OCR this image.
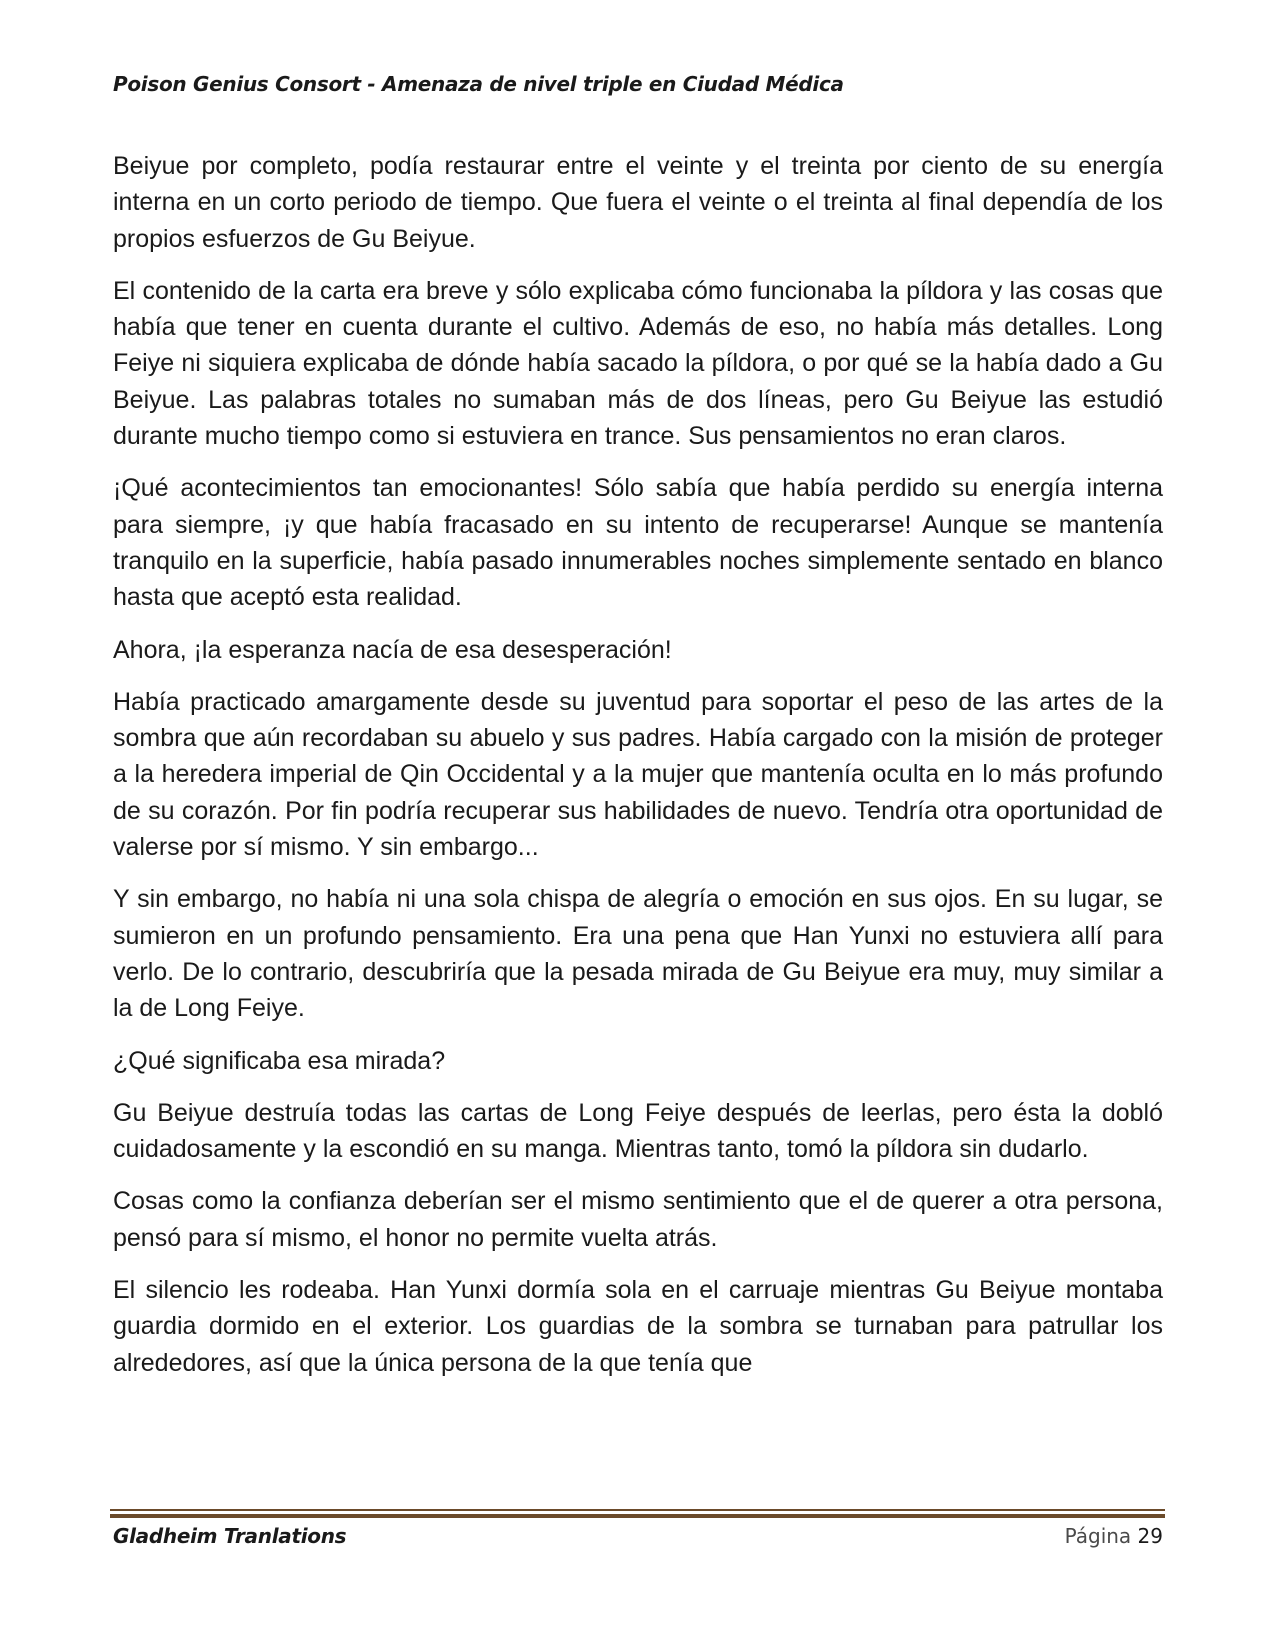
Poison Genius Consort - Amenaza de nivel triple en Ciudad Médica

Beiyue por completo, podía restaurar entre el veinte y el treinta por ciento de su energía interna en un corto periodo de tiempo. Que fuera el veinte o el treinta al final dependía de los propios esfuerzos de Gu Beiyue.

El contenido de la carta era breve y sólo explicaba cómo funcionaba la píldora y las cosas que había que tener en cuenta durante el cultivo. Además de eso, no había más detalles. Long Feiye ni siquiera explicaba de dónde había sacado la píldora, o por qué se la había dado a Gu Beiyue. Las palabras totales no sumaban más de dos líneas, pero Gu Beiyue las estudió durante mucho tiempo como si estuviera en trance. Sus pensamientos no eran claros.

¡Qué acontecimientos tan emocionantes! Sólo sabía que había perdido su energía interna para siempre, ¡y que había fracasado en su intento de recuperarse! Aunque se mantenía tranquilo en la superficie, había pasado innumerables noches simplemente sentado en blanco hasta que aceptó esta realidad.

Ahora, ¡la esperanza nacía de esa desesperación!

Había practicado amargamente desde su juventud para soportar el peso de las artes de la sombra que aún recordaban su abuelo y sus padres. Había cargado con la misión de proteger a la heredera imperial de Qin Occidental y a la mujer que mantenía oculta en lo más profundo de su corazón. Por fin podría recuperar sus habilidades de nuevo. Tendría otra oportunidad de valerse por sí mismo. Y sin embargo...

Y sin embargo, no había ni una sola chispa de alegría o emoción en sus ojos. En su lugar, se sumieron en un profundo pensamiento. Era una pena que Han Yunxi no estuviera allí para verlo. De lo contrario, descubriría que la pesada mirada de Gu Beiyue era muy, muy similar a la de Long Feiye.

¿Qué significaba esa mirada?

Gu Beiyue destruía todas las cartas de Long Feiye después de leerlas, pero ésta la dobló cuidadosamente y la escondió en su manga. Mientras tanto, tomó la píldora sin dudarlo.

Cosas como la confianza deberían ser el mismo sentimiento que el de querer a otra persona, pensó para sí mismo, el honor no permite vuelta atrás.

El silencio les rodeaba. Han Yunxi dormía sola en el carruaje mientras Gu Beiyue montaba guardia dormido en el exterior. Los guardias de la sombra se turnaban para patrullar los alrededores, así que la única persona de la que tenía que

Gladheim Tranlations	Página 29
